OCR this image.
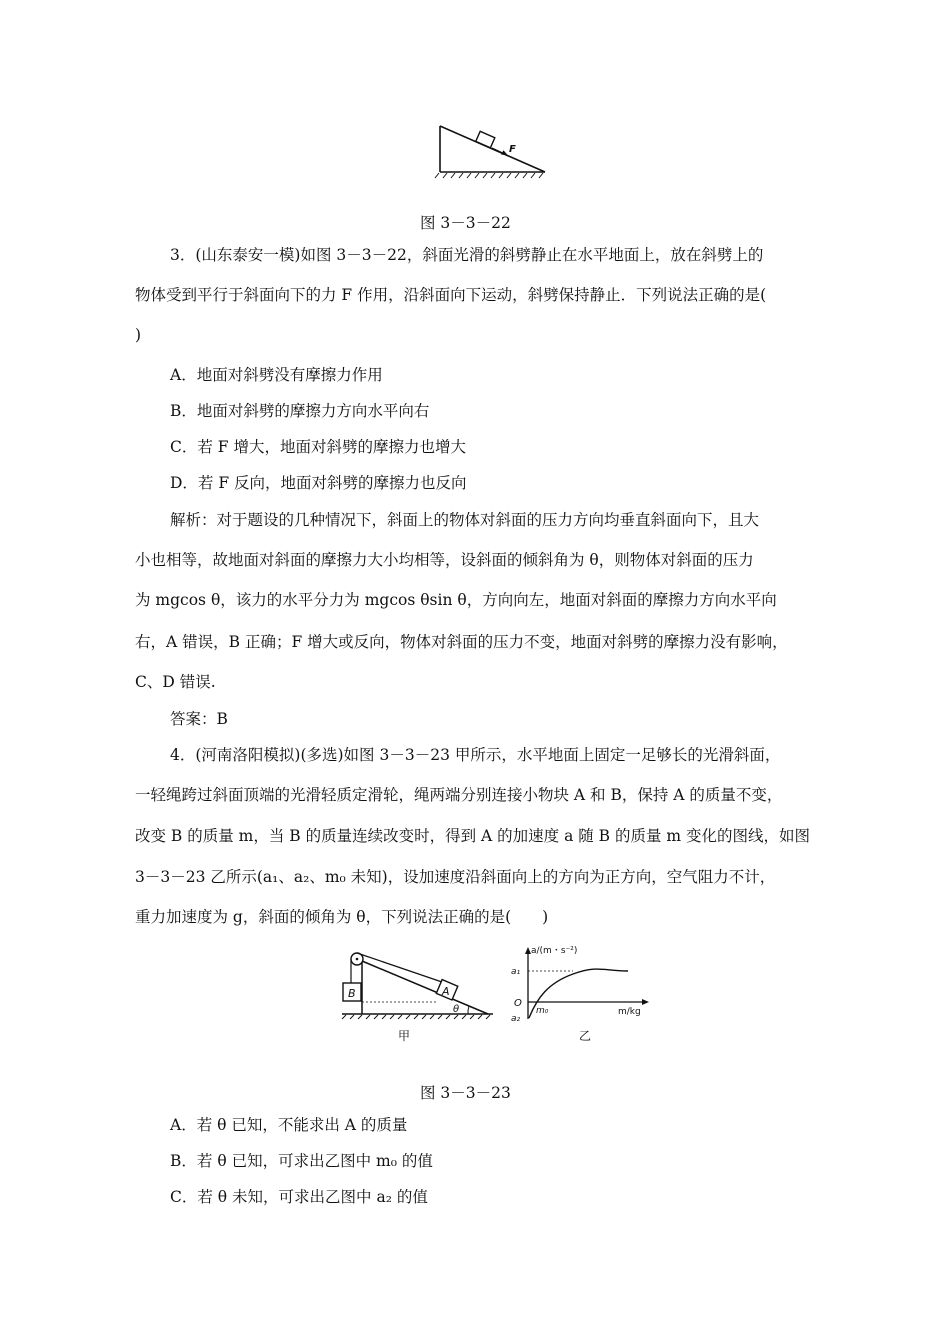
F
图 3－3－22
3．(山东泰安一模)如图 3－3－22，斜面光滑的斜劈静止在水平地面上，放在斜劈上的
物体受到平行于斜面向下的力 F 作用，沿斜面向下运动，斜劈保持静止．下列说法正确的是(
)
A．地面对斜劈没有摩擦力作用
B．地面对斜劈的摩擦力方向水平向右
C．若 F 增大，地面对斜劈的摩擦力也增大
D．若 F 反向，地面对斜劈的摩擦力也反向
解析：对于题设的几种情况下，斜面上的物体对斜面的压力方向均垂直斜面向下，且大
小也相等，故地面对斜面的摩擦力大小均相等，设斜面的倾斜角为 θ，则物体对斜面的压力
为 mgcos θ，该力的水平分力为 mgcos θsin θ，方向向左，地面对斜面的摩擦力方向水平向
右，A 错误，B 正确；F 增大或反向，物体对斜面的压力不变，地面对斜劈的摩擦力没有影响，
C、D 错误.
答案：B
4．(河南洛阳模拟)(多选)如图 3－3－23 甲所示，水平地面上固定一足够长的光滑斜面，
一轻绳跨过斜面顶端的光滑轻质定滑轮，绳两端分别连接小物块 A 和 B，保持 A 的质量不变，
改变 B 的质量 m，当 B 的质量连续改变时，得到 A 的加速度 a 随 B 的质量 m 变化的图线，如图
3－3－23 乙所示(a₁、a₂、m₀ 未知)，设加速度沿斜面向上的方向为正方向，空气阻力不计，
重力加速度为 g，斜面的倾角为 θ，下列说法正确的是(　　)
B	A
θ
甲
a/(m・s⁻²)
a₁
O
a₂
m₀	m/kg
乙
图 3－3－23
A．若 θ 已知，不能求出 A 的质量
B．若 θ 已知，可求出乙图中 m₀ 的值
C．若 θ 未知，可求出乙图中 a₂ 的值
